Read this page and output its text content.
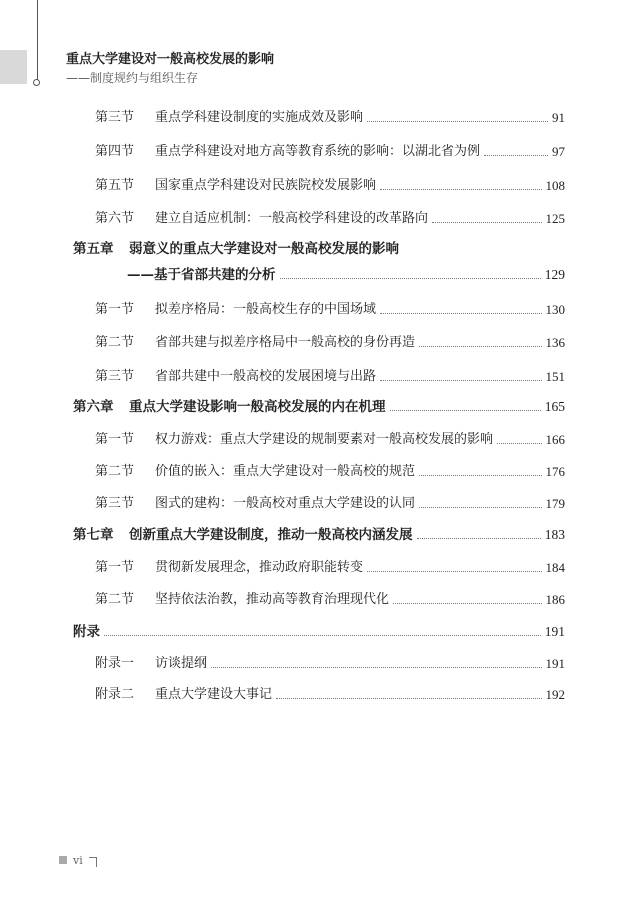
重点大学建设对一般高校发展的影响
——制度规约与组织生存
第三节 重点学科建设制度的实施成效及影响	91
第四节 重点学科建设对地方高等教育系统的影响：以湖北省为例	97
第五节 国家重点学科建设对民族院校发展影响	108
第六节 建立自适应机制：一般高校学科建设的改革路向	125
第五章 弱意义的重点大学建设对一般高校发展的影响
——基于省部共建的分析	129
第一节 拟差序格局：一般高校生存的中国场域	130
第二节 省部共建与拟差序格局中一般高校的身份再造	136
第三节 省部共建中一般高校的发展困境与出路	151
第六章 重点大学建设影响一般高校发展的内在机理	165
第一节 权力游戏：重点大学建设的规制要素对一般高校发展的影响	166
第二节 价值的嵌入：重点大学建设对一般高校的规范	176
第三节 图式的建构：一般高校对重点大学建设的认同	179
第七章 创新重点大学建设制度，推动一般高校内涵发展	183
第一节 贯彻新发展理念，推动政府职能转变	184
第二节 坚持依法治教，推动高等教育治理现代化	186
附录	191
附录一 访谈提纲	191
附录二 重点大学建设大事记	192
vi
